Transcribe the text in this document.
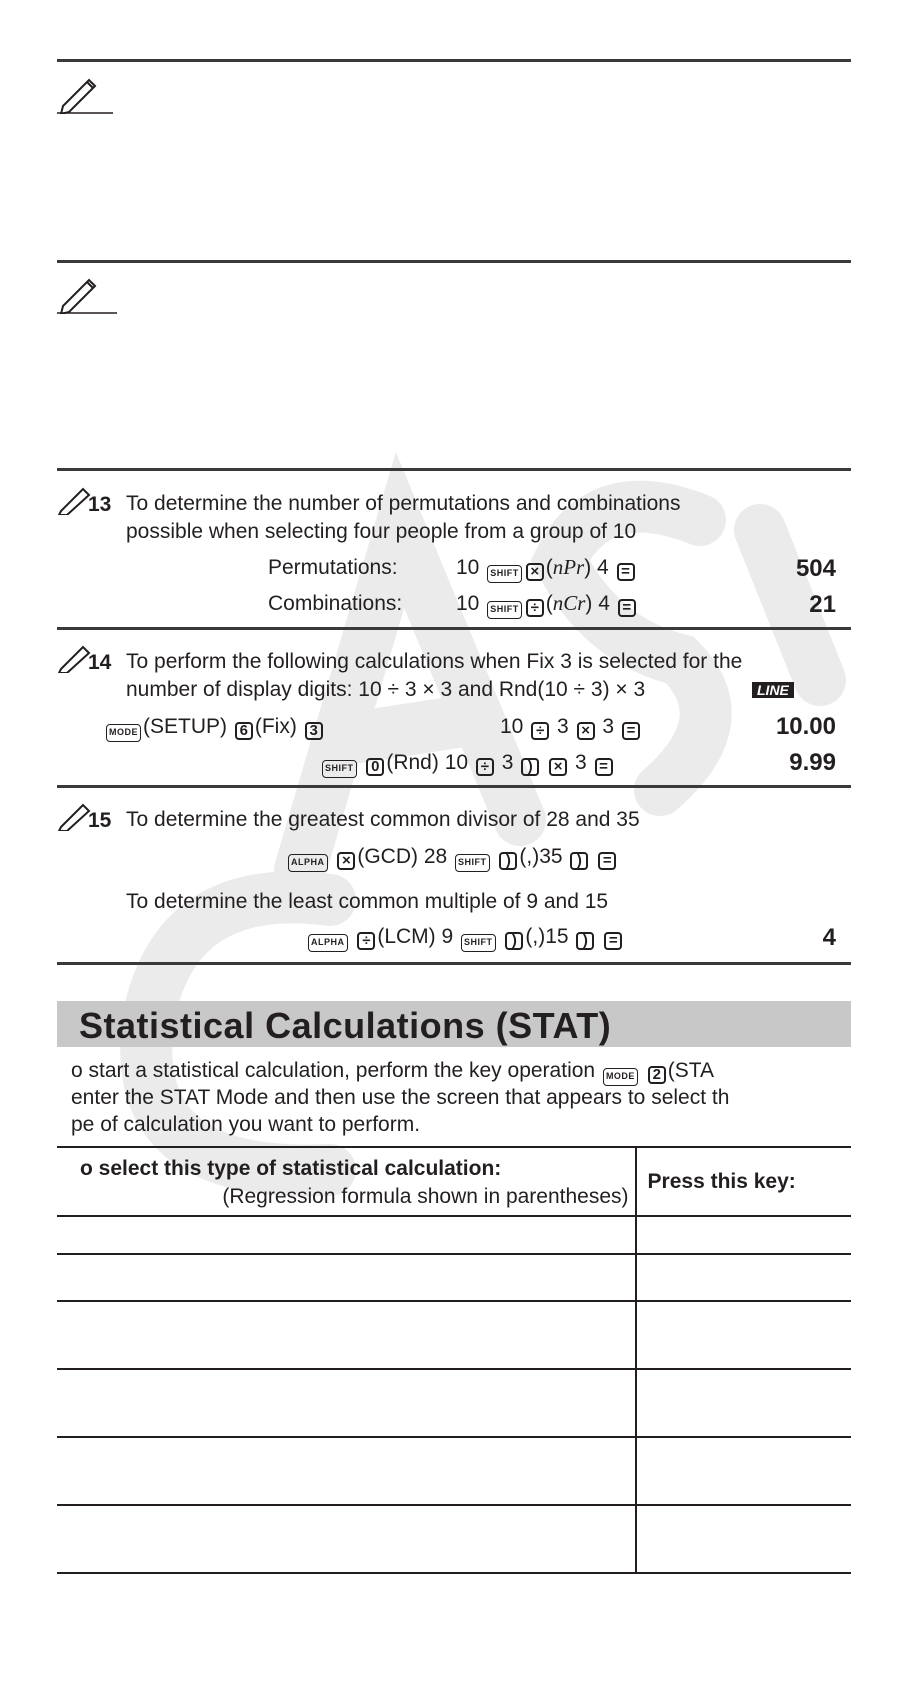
13 To determine the number of permutations and combinations
possible when selecting four people from a group of 10
Permutations:	10 SHIFT × (nPr) 4 =	504
Combinations:	10 SHIFT ÷ (nCr) 4 =	21
14 To perform the following calculations when Fix 3 is selected for the
number of display digits: 10 ÷ 3 × 3 and Rnd(10 ÷ 3) × 3	LINE
MODE (SETUP) 6 (Fix) 3	10 ÷ 3 × 3 =	10.00
SHIFT 0 (Rnd) 10 ÷ 3 ) × 3 =	9.99
15 To determine the greatest common divisor of 28 and 35
ALPHA × (GCD) 28 SHIFT ) (,)35 ) =
To determine the least common multiple of 9 and 15
ALPHA ÷ (LCM) 9 SHIFT ) (,)15 ) =	4
Statistical Calculations (STAT)
o start a statistical calculation, perform the key operation MODE 2 (STA
enter the STAT Mode and then use the screen that appears to select th
pe of calculation you want to perform.
o select this type of statistical calculation:
(Regression formula shown in parentheses)	Press this key:
